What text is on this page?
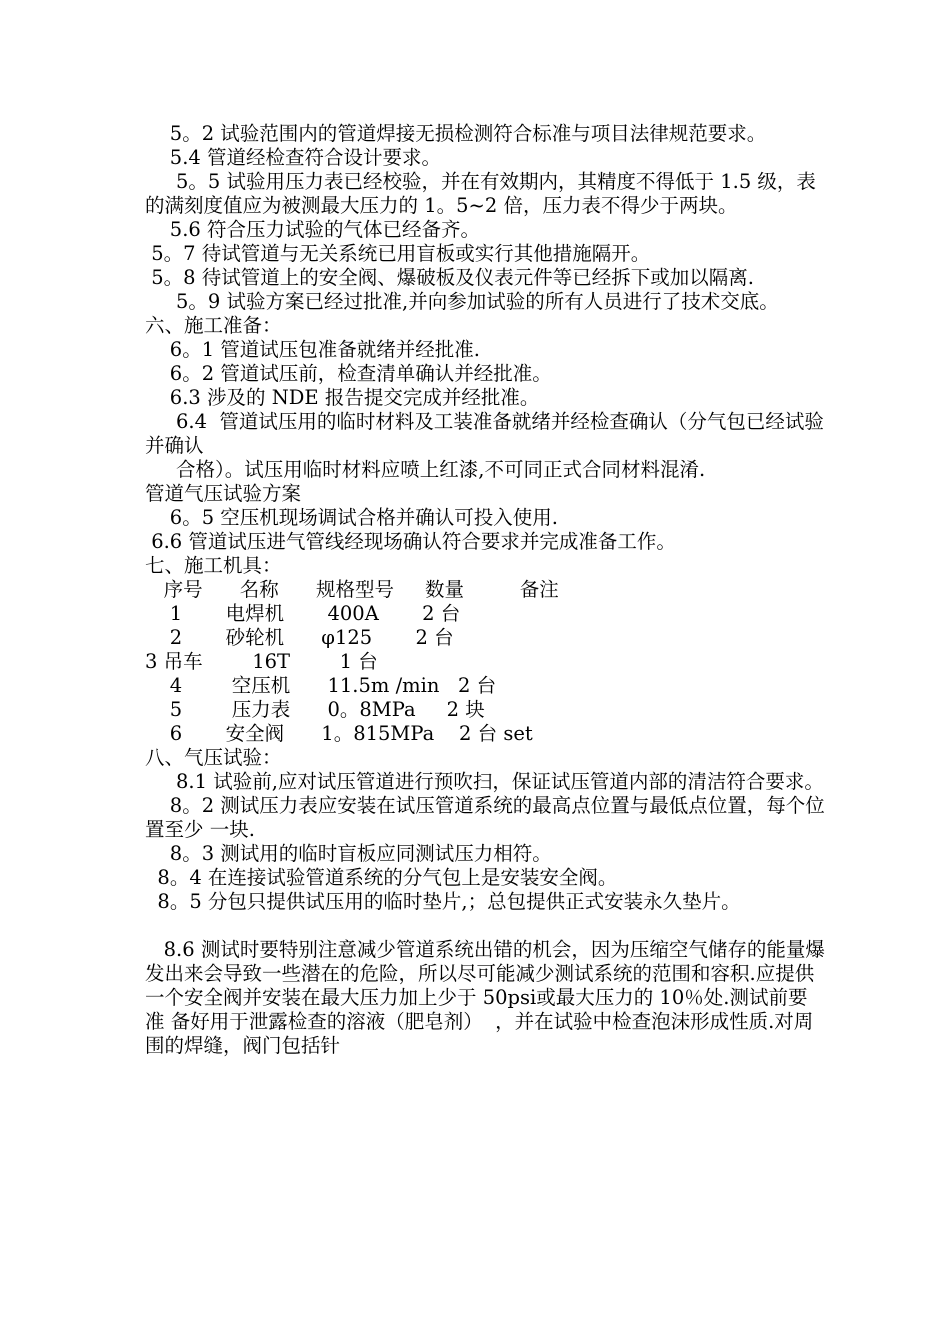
5。2 试验范围内的管道焊接无损检测符合标准与项目法律规范要求。

5.4 管道经检查符合设计要求。

5。5 试验用压力表已经校验，并在有效期内，其精度不得低于 1.5 级，表的满刻度值应为被测最大压力的 1。5~2 倍，压力表不得少于两块。

5.6 符合压力试验的气体已经备齐。

5。7 待试管道与无关系统已用盲板或实行其他措施隔开。

5。8 待试管道上的安全阀、爆破板及仪表元件等已经拆下或加以隔离.

5。9 试验方案已经过批准,并向参加试验的所有人员进行了技术交底。

六、施工准备：

6。1 管道试压包准备就绪并经批准.

6。2 管道试压前，检查清单确认并经批准。

6.3 涉及的 NDE 报告提交完成并经批准。

6.4  管道试压用的临时材料及工装准备就绪并经检查确认（分气包已经试验并确认

合格）。试压用临时材料应喷上红漆,不可同正式合同材料混淆.

管道气压试验方案

6。5 空压机现场调试合格并确认可投入使用.

6.6 管道试压进气管线经现场确认符合要求并完成准备工作。

七、施工机具：

序号      名称      规格型号     数量         备注

1       电焊机       400A       2 台

2       砂轮机      φ125       2 台

3 吊车        16T        1 台

4        空压机      11.5m /min   2 台

5        压力表      0。8MPa     2 块

6       安全阀      1。815MPa    2 台 set

八、气压试验：

8.1 试验前,应对试压管道进行预吹扫，保证试压管道内部的清洁符合要求。

8。2 测试压力表应安装在试压管道系统的最高点位置与最低点位置，每个位置至少 一块.

8。3 测试用的临时盲板应同测试压力相符。

8。4 在连接试验管道系统的分气包上是安装安全阀。

8。5 分包只提供试压用的临时垫片,；总包提供正式安装永久垫片。

8.6 测试时要特别注意减少管道系统出错的机会，因为压缩空气储存的能量爆发出来会导致一些潜在的危险，所以尽可能减少测试系统的范围和容积.应提供一个安全阀并安装在最大压力加上少于 50psi或最大压力的 10％处.测试前要准 备好用于泄露检查的溶液（肥皂剂）  ，并在试验中检查泡沫形成性质.对周围的焊缝，阀门包括针
